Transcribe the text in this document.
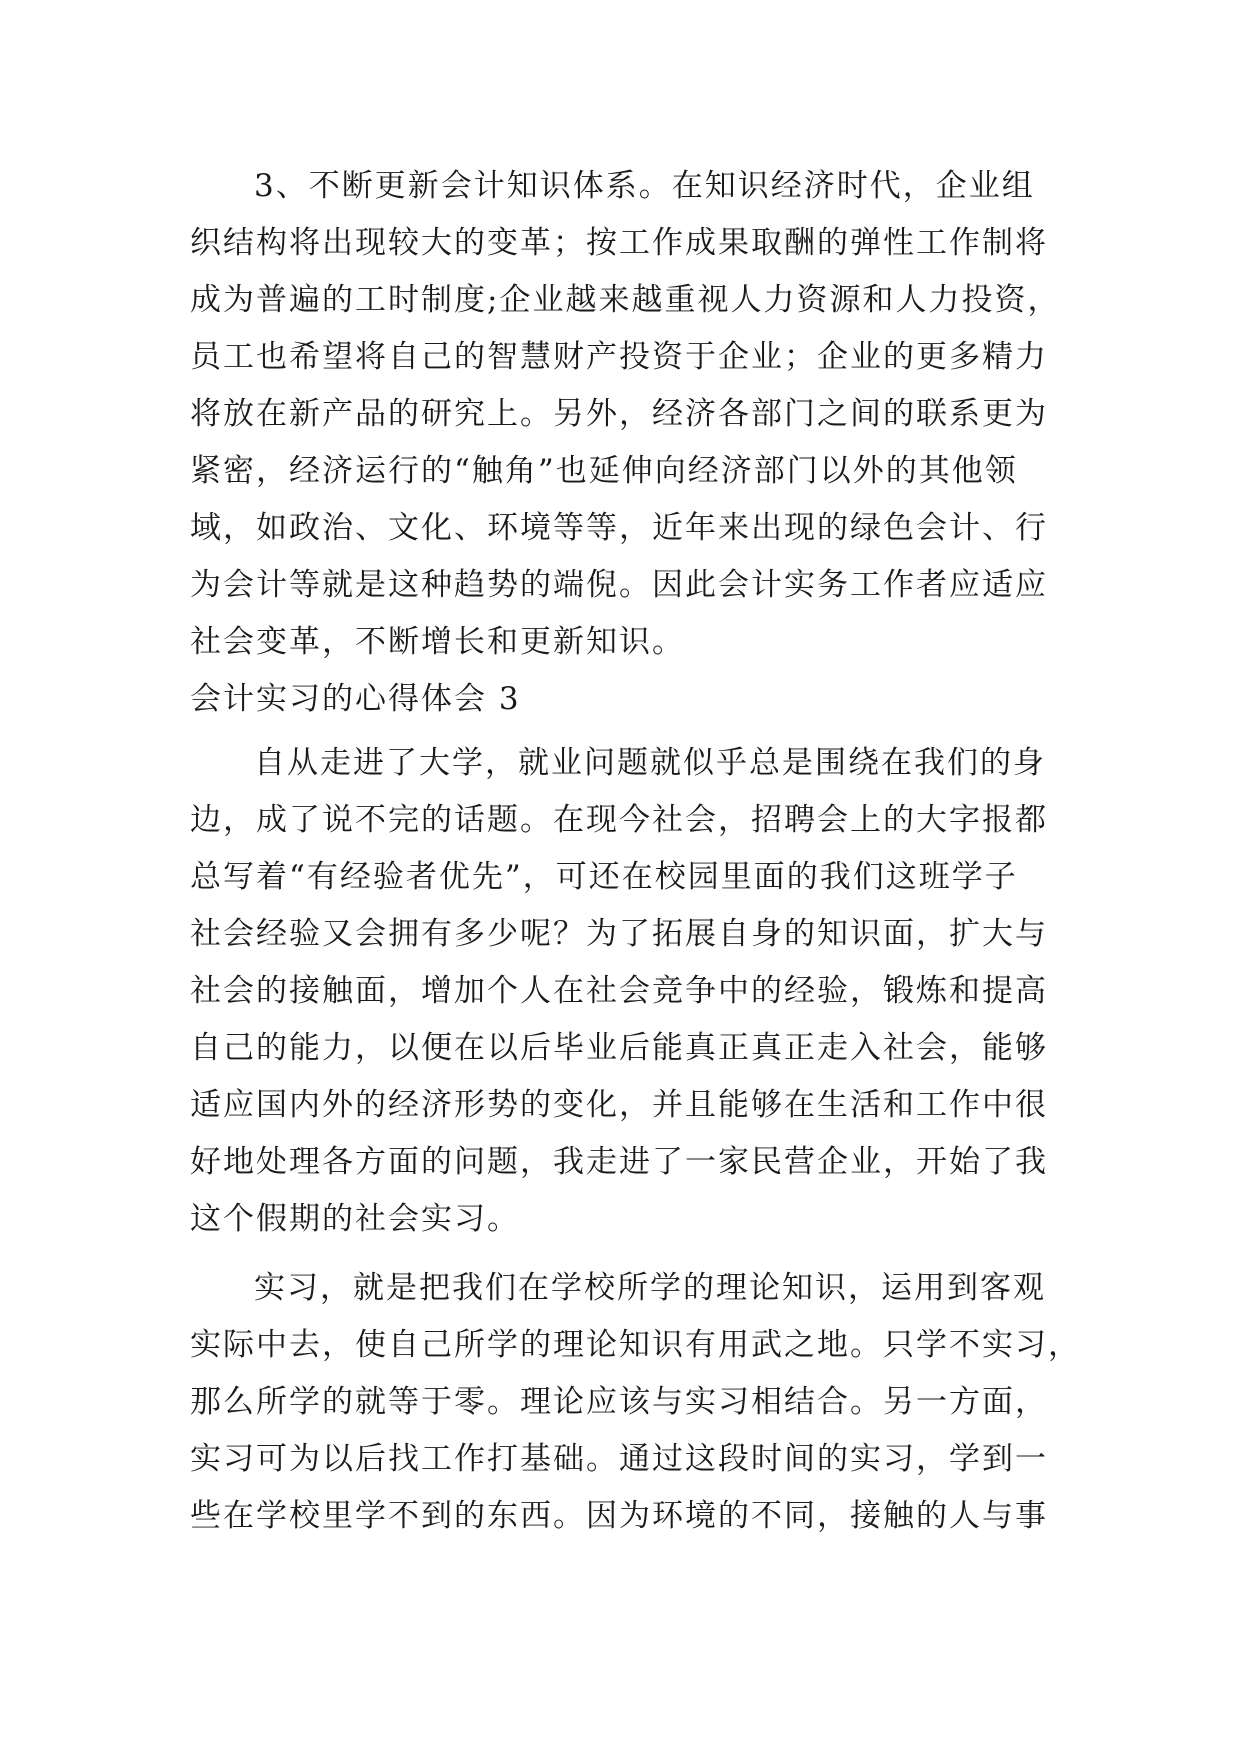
3、不断更新会计知识体系。在知识经济时代，企业组
织结构将出现较大的变革；按工作成果取酬的弹性工作制将
成为普遍的工时制度;企业越来越重视人力资源和人力投资，
员工也希望将自己的智慧财产投资于企业；企业的更多精力
将放在新产品的研究上。另外，经济各部门之间的联系更为
紧密，经济运行的“触角”也延伸向经济部门以外的其他领
域，如政治、文化、环境等等，近年来出现的绿色会计、行
为会计等就是这种趋势的端倪。因此会计实务工作者应适应
社会变革，不断增长和更新知识。
会计实习的心得体会 3
自从走进了大学，就业问题就似乎总是围绕在我们的身
边，成了说不完的话题。在现今社会，招聘会上的大字报都
总写着“有经验者优先”，可还在校园里面的我们这班学子
社会经验又会拥有多少呢？为了拓展自身的知识面，扩大与
社会的接触面，增加个人在社会竞争中的经验，锻炼和提高
自己的能力，以便在以后毕业后能真正真正走入社会，能够
适应国内外的经济形势的变化，并且能够在生活和工作中很
好地处理各方面的问题，我走进了一家民营企业，开始了我
这个假期的社会实习。
实习，就是把我们在学校所学的理论知识，运用到客观
实际中去，使自己所学的理论知识有用武之地。只学不实习，
那么所学的就等于零。理论应该与实习相结合。另一方面，
实习可为以后找工作打基础。通过这段时间的实习，学到一
些在学校里学不到的东西。因为环境的不同，接触的人与事
